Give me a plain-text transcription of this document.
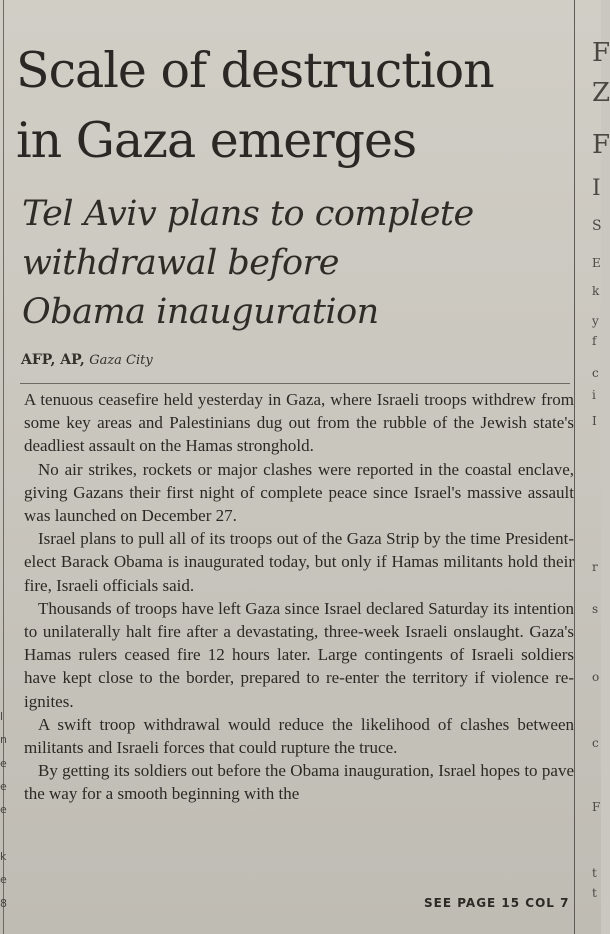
l
n
e
e
e
k
e
8
F
Z
F
I
S
E
k
y
f
c
i
I
r
s
o
c
F
t
t
Scale of destruction
in Gaza emerges
Tel Aviv plans to complete
withdrawal before
Obama inauguration
AFP, AP, Gaza City

A tenuous ceasefire held yesterday in Gaza, where Israeli troops withdrew from some key areas and Palestinians dug out from the rubble of the Jewish state's deadliest assault on the Hamas stronghold.

No air strikes, rockets or major clashes were reported in the coastal enclave, giving Gazans their first night of complete peace since Israel's massive assault was launched on December 27.

Israel plans to pull all of its troops out of the Gaza Strip by the time President-elect Barack Obama is inaugurated today, but only if Hamas militants hold their fire, Israeli officials said.

Thousands of troops have left Gaza since Israel declared Saturday its intention to unilaterally halt fire after a devastating, three-week Israeli onslaught. Gaza's Hamas rulers ceased fire 12 hours later. Large contingents of Israeli soldiers have kept close to the border, prepared to re-enter the territory if violence re-ignites.

A swift troop withdrawal would reduce the likelihood of clashes between militants and Israeli forces that could rupture the truce.

By getting its soldiers out before the Obama inauguration, Israel hopes to pave the way for a smooth beginning with the

SEE PAGE 15 COL 7
